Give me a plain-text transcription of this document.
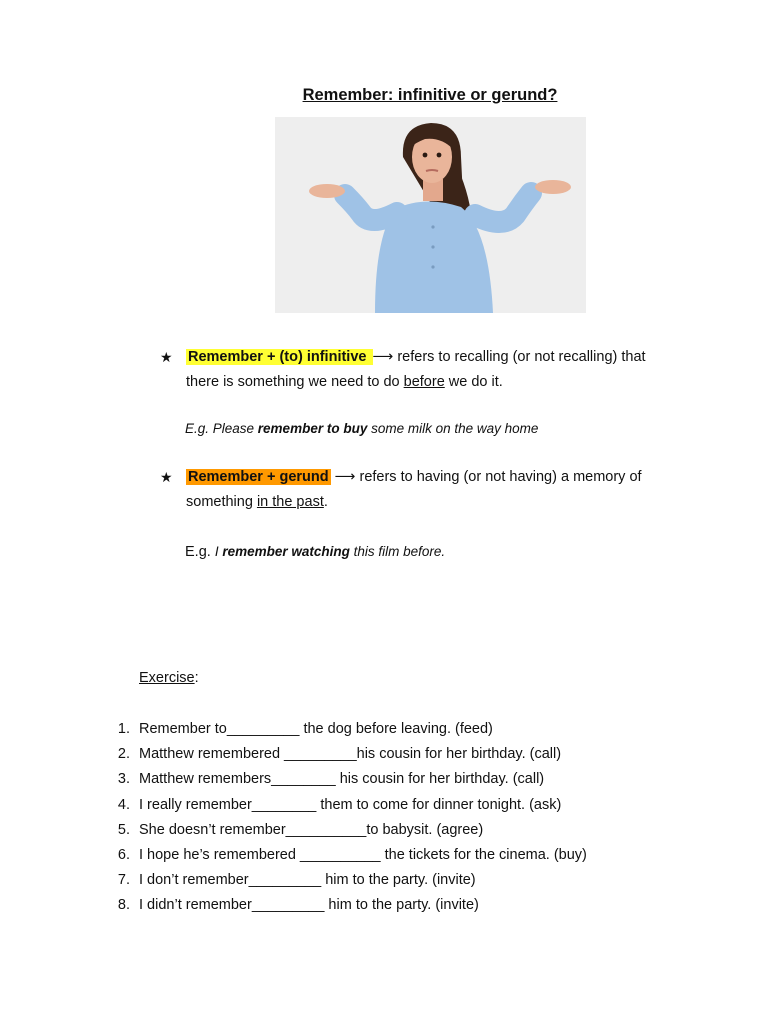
Remember: infinitive or gerund?
★	Remember + (to) infinitive ⟶ refers to recalling (or not recalling) that there is something we need to do before we do it.
E.g. Please remember to buy some milk on the way home
★	Remember + gerund ⟶ refers to having (or not having) a memory of something in the past.
E.g. I remember watching this film before.
Exercise:
1. Remember to_________ the dog before leaving. (feed)
2. Matthew remembered _________his cousin for her birthday. (call)
3. Matthew remembers________ his cousin for her birthday. (call)
4. I really remember________ them to come for dinner tonight. (ask)
5. She doesn’t remember__________to babysit. (agree)
6. I hope he’s remembered __________ the tickets for the cinema. (buy)
7. I don’t remember_________ him to the party. (invite)
8. I didn’t remember_________ him to the party. (invite)
